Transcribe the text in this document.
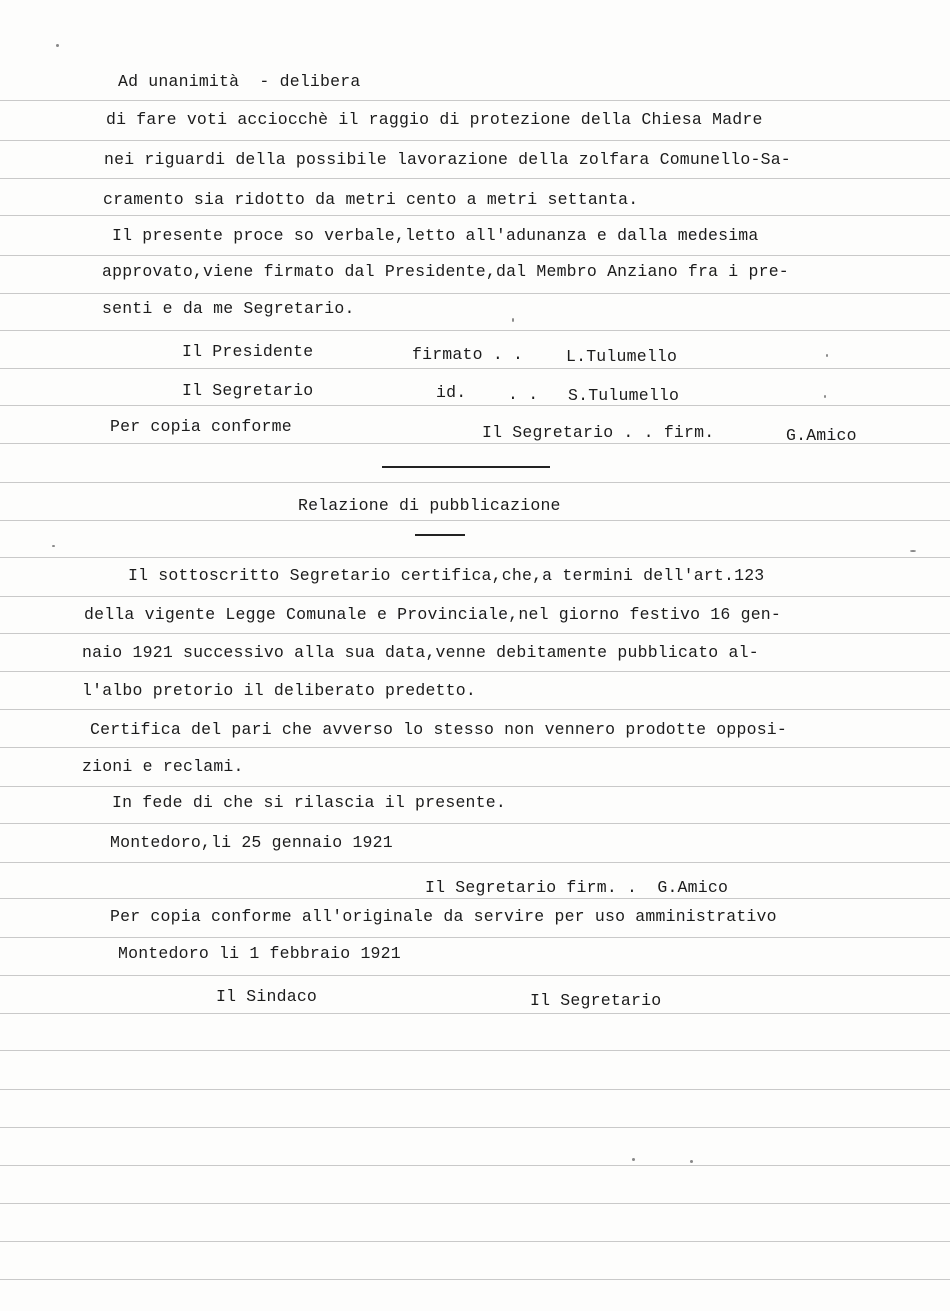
Ad unanimità  - delibera
di fare voti acciocchè il raggio di protezione della Chiesa Madre
nei riguardi della possibile lavorazione della zolfara Comunello-Sa-
cramento sia ridotto da metri cento a metri settanta.
Il presente proce so verbale,letto all'adunanza e dalla medesima
approvato,viene firmato dal Presidente,dal Membro Anziano fra i pre-
senti e da me Segretario.
Il Presidente	firmato . .	L.Tulumello
Il Segretario	id.	. . S.Tulumello
Per copia conforme	Il Segretario . . firm.	G.Amico
Relazione di pubblicazione
Il sottoscritto Segretario certifica,che,a termini dell'art.123
della vigente Legge Comunale e Provinciale,nel giorno festivo 16 gen-
naio 1921 successivo alla sua data,venne debitamente pubblicato al-
l'albo pretorio il deliberato predetto.
Certifica del pari che avverso lo stesso non vennero prodotte opposi-
zioni e reclami.
In fede di che si rilascia il presente.
Montedoro,li 25 gennaio 1921
Il Segretario firm. .  G.Amico
Per copia conforme all'originale da servire per uso amministrativo
Montedoro li 1 febbraio 1921
Il Sindaco	Il Segretario
